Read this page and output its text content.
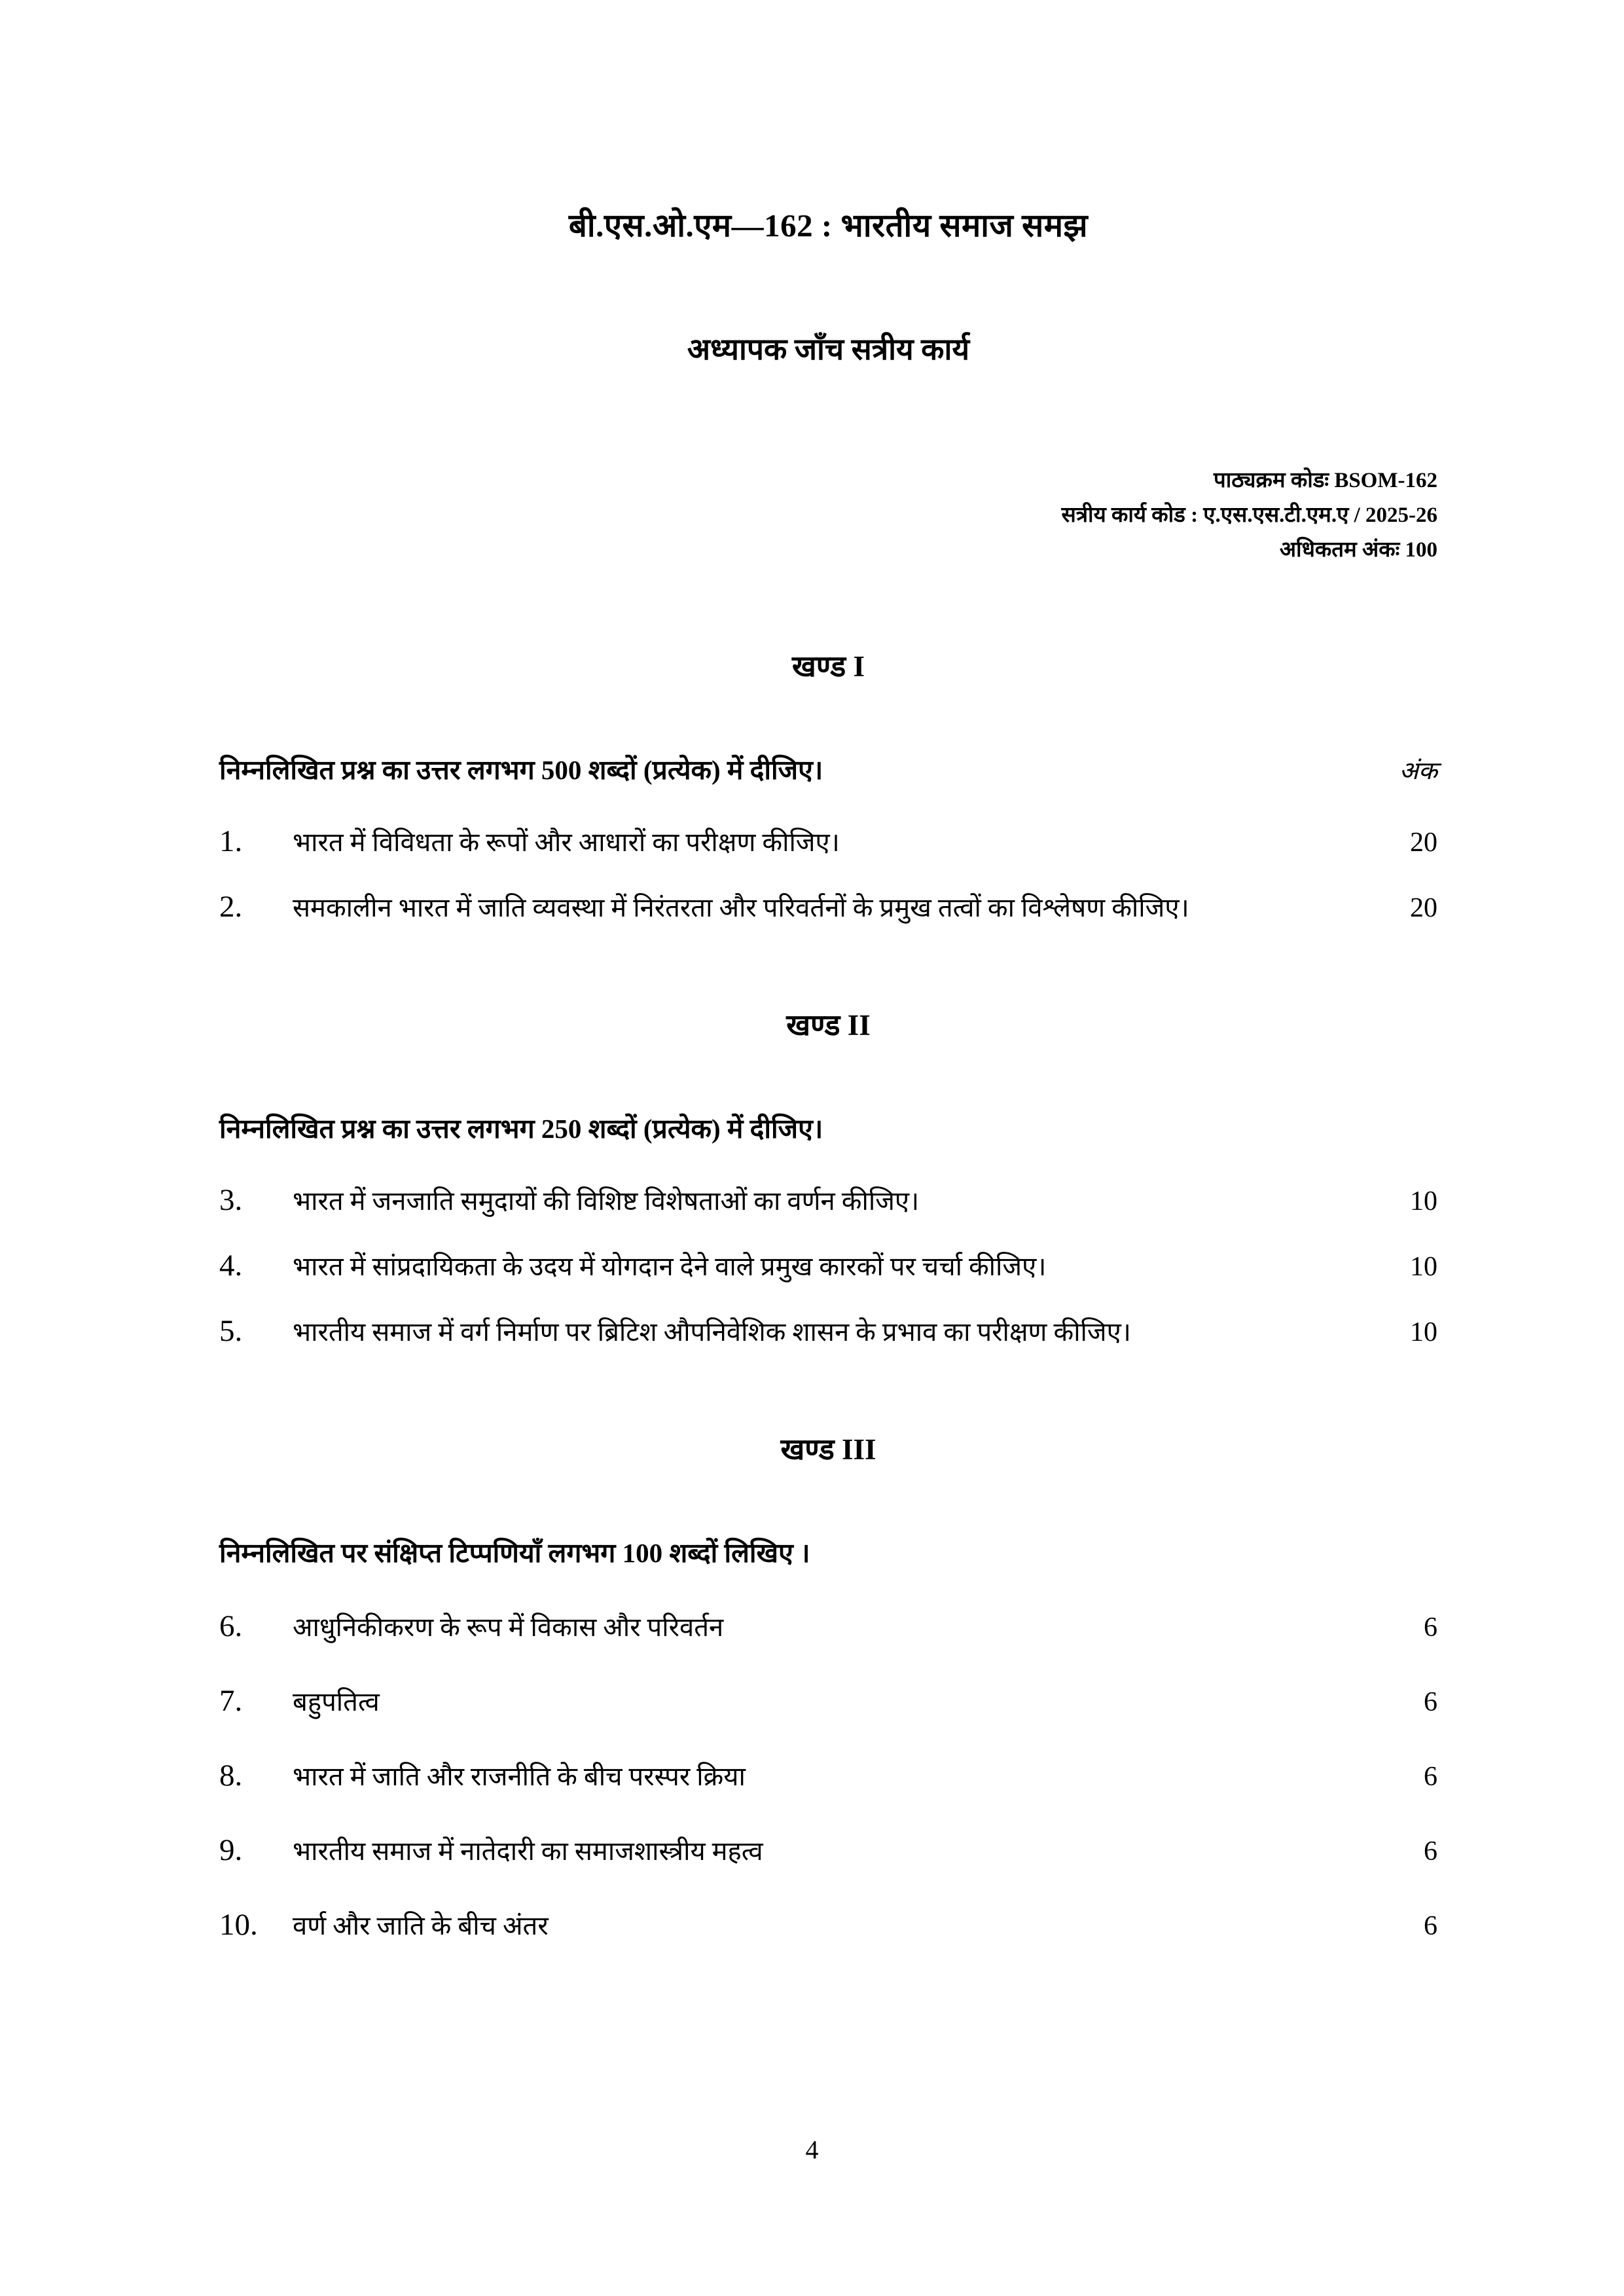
बी.एस.ओ.एम—162 : भारतीय समाज समझ
अध्यापक जाँच सत्रीय कार्य
पाठ्यक्रम कोडः BSOM-162
सत्रीय कार्य कोड : ए.एस.एस.टी.एम.ए / 2025-26
अधिकतम अंकः 100
खण्ड I
निम्नलिखित प्रश्न का उत्तर लगभग 500 शब्दों (प्रत्येक) में दीजिए।	अंक
1.	भारत में विविधता के रूपों और आधारों का परीक्षण कीजिए।	20
2.	समकालीन भारत में जाति व्यवस्था में निरंतरता और परिवर्तनों के प्रमुख तत्वों का विश्लेषण कीजिए।	20
खण्ड II
निम्नलिखित प्रश्न का उत्तर लगभग 250 शब्दों (प्रत्येक) में दीजिए।
3.	भारत में जनजाति समुदायों की विशिष्ट विशेषताओं का वर्णन कीजिए।	10
4.	भारत में सांप्रदायिकता के उदय में योगदान देने वाले प्रमुख कारकों पर चर्चा कीजिए।	10
5.	भारतीय समाज में वर्ग निर्माण पर ब्रिटिश औपनिवेशिक शासन के प्रभाव का परीक्षण कीजिए।	10
खण्ड III
निम्नलिखित पर संक्षिप्त टिप्पणियाँ लगभग 100 शब्दों लिखिए ।
6.	आधुनिकीकरण के रूप में विकास और परिवर्तन	6
7.	बहुपतित्व	6
8.	भारत में जाति और राजनीति के बीच परस्पर क्रिया	6
9.	भारतीय समाज में नातेदारी का समाजशास्त्रीय महत्व	6
10.	वर्ण और जाति के बीच अंतर	6
4
